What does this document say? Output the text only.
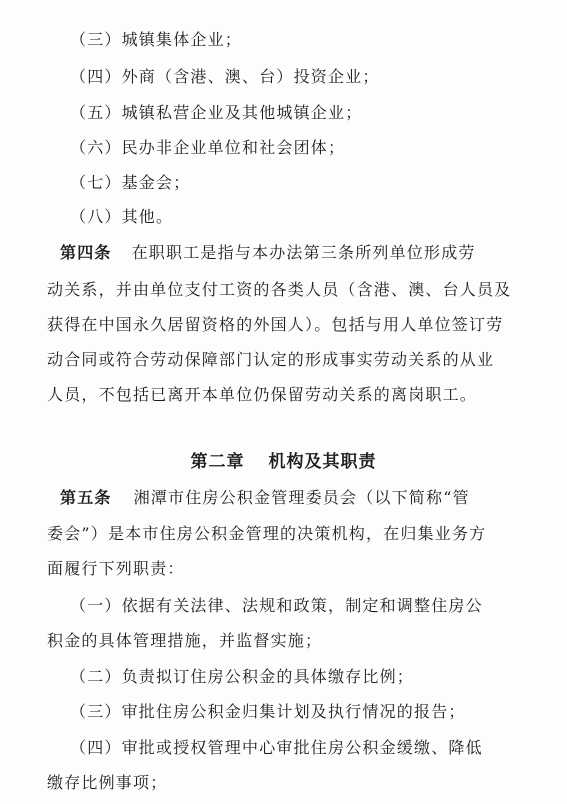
（三）城镇集体企业；
（四）外商（含港、澳、台）投资企业；
（五）城镇私营企业及其他城镇企业；
（六）民办非企业单位和社会团体；
（七）基金会；
（八）其他。
第四条 在职职工是指与本办法第三条所列单位形成劳
动关系，并由单位支付工资的各类人员（含港、澳、台人员及
获得在中国永久居留资格的外国人）。包括与用人单位签订劳
动合同或符合劳动保障部门认定的形成事实劳动关系的从业
人员，不包括已离开本单位仍保留劳动关系的离岗职工。
第二章 机构及其职责
第五条 湘潭市住房公积金管理委员会（以下简称“管
委会”）是本市住房公积金管理的决策机构，在归集业务方
面履行下列职责：
（一）依据有关法律、法规和政策，制定和调整住房公
积金的具体管理措施，并监督实施；
（二）负责拟订住房公积金的具体缴存比例；
（三）审批住房公积金归集计划及执行情况的报告；
（四）审批或授权管理中心审批住房公积金缓缴、降低
缴存比例事项；
